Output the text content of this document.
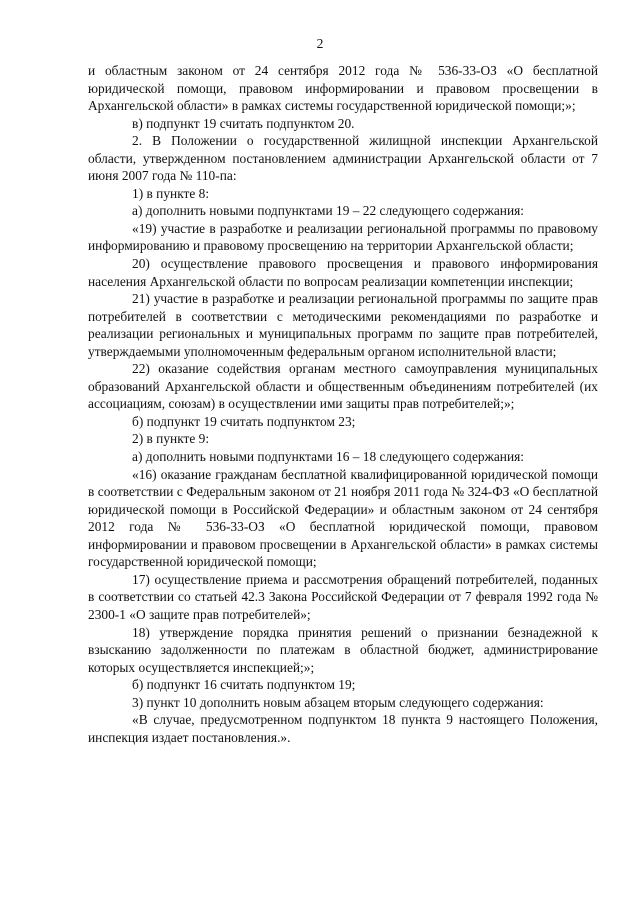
2

и областным законом от 24 сентября 2012 года № 536-33-ОЗ «О бесплатной юридической помощи, правовом информировании и правовом просвещении в Архангельской области» в рамках системы государственной юридической помощи;»;

в) подпункт 19 считать подпунктом 20.

2. В Положении о государственной жилищной инспекции Архангельской области, утвержденном постановлением администрации Архангельской области от 7 июня 2007 года № 110-па:

1) в пункте 8:

а) дополнить новыми подпунктами 19 – 22 следующего содержания:

«19) участие в разработке и реализации региональной программы по правовому информированию и правовому просвещению на территории Архангельской области;

20) осуществление правового просвещения и правового информирования населения Архангельской области по вопросам реализации компетенции инспекции;

21) участие в разработке и реализации региональной программы по защите прав потребителей в соответствии с методическими рекомендациями по разработке и реализации региональных и муниципальных программ по защите прав потребителей, утверждаемыми уполномоченным федеральным органом исполнительной власти;

22) оказание содействия органам местного самоуправления муниципальных образований Архангельской области и общественным объединениям потребителей (их ассоциациям, союзам) в осуществлении ими защиты прав потребителей;»;

б) подпункт 19 считать подпунктом 23;

2) в пункте 9:

а) дополнить новыми подпунктами 16 – 18 следующего содержания:

«16) оказание гражданам бесплатной квалифицированной юридической помощи в соответствии с Федеральным законом от 21 ноября 2011 года № 324-ФЗ «О бесплатной юридической помощи в Российской Федерации» и областным законом от 24 сентября 2012 года № 536-33-ОЗ «О бесплатной юридической помощи, правовом информировании и правовом просвещении в Архангельской области» в рамках системы государственной юридической помощи;

17) осуществление приема и рассмотрения обращений потребителей, поданных в соответствии со статьей 42.3 Закона Российской Федерации от 7 февраля 1992 года № 2300-1 «О защите прав потребителей»;

18) утверждение порядка принятия решений о признании безнадежной к взысканию задолженности по платежам в областной бюджет, администрирование которых осуществляется инспекцией;»;

б) подпункт 16 считать подпунктом 19;

3) пункт 10 дополнить новым абзацем вторым следующего содержания:

«В случае, предусмотренном подпунктом 18 пункта 9 настоящего Положения, инспекция издает постановления.».
